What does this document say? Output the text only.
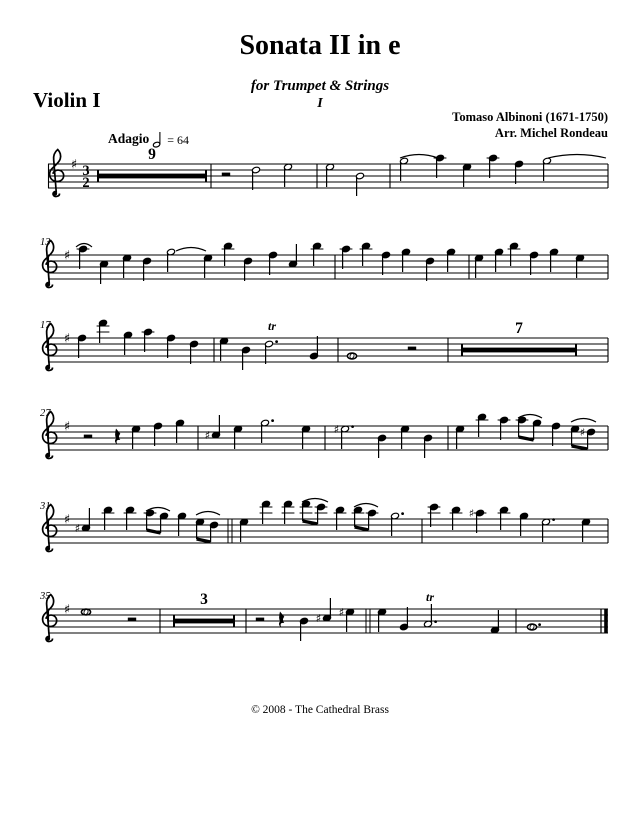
Sonata II in e
for Trumpet & Strings
I
Violin I
Tomaso Albinoni (1671-1750)
Arr. Michel Rondeau
Adagio = 64
♯ 3
2
9
13
♯
17
♯
tr	7
27
♯
♯	♯	♯
31
♯
♯
♯
35
♯
3
♯ ♯
tr
© 2008 - The Cathedral Brass
